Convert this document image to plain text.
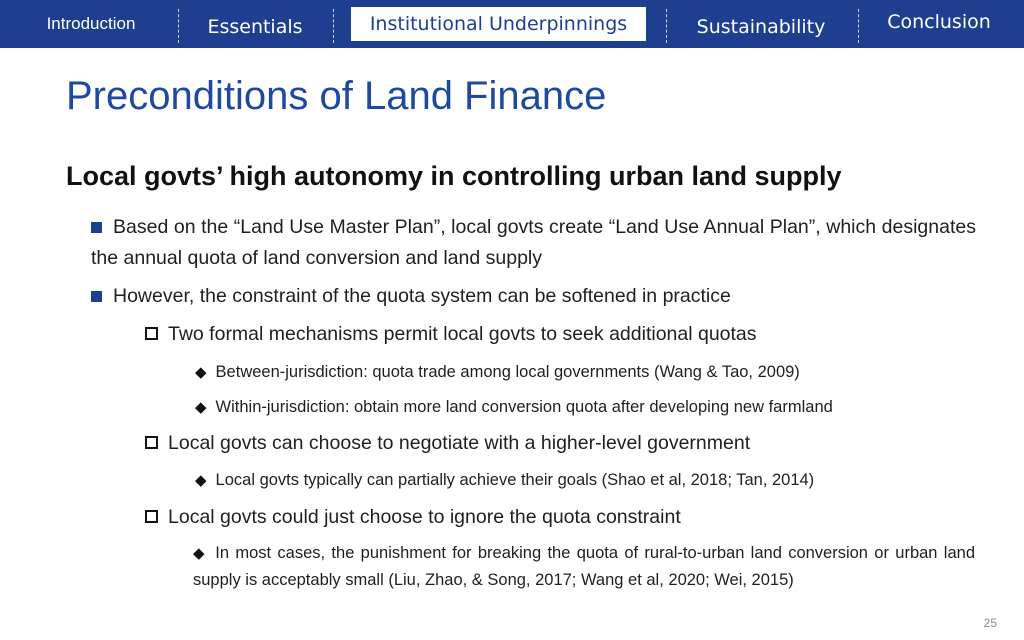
Introduction	Essentials	Institutional Underpinnings	Sustainability	Conclusion
Preconditions of Land Finance
Local govts’ high autonomy in controlling urban land supply
Based on the “Land Use Master Plan”, local govts create “Land Use Annual Plan”, which designates the annual quota of land conversion and land supply
However, the constraint of the quota system can be softened in practice
Two formal mechanisms permit local govts to seek additional quotas
◆ Between-jurisdiction: quota trade among local governments (Wang & Tao, 2009)
◆ Within-jurisdiction: obtain more land conversion quota after developing new farmland
Local govts can choose to negotiate with a higher-level government
◆ Local govts typically can partially achieve their goals (Shao et al, 2018; Tan, 2014)
Local govts could just choose to ignore the quota constraint
◆ In most cases, the punishment for breaking the quota of rural-to-urban land conversion or urban land supply is acceptably small (Liu, Zhao, & Song, 2017; Wang et al, 2020; Wei, 2015)
25
